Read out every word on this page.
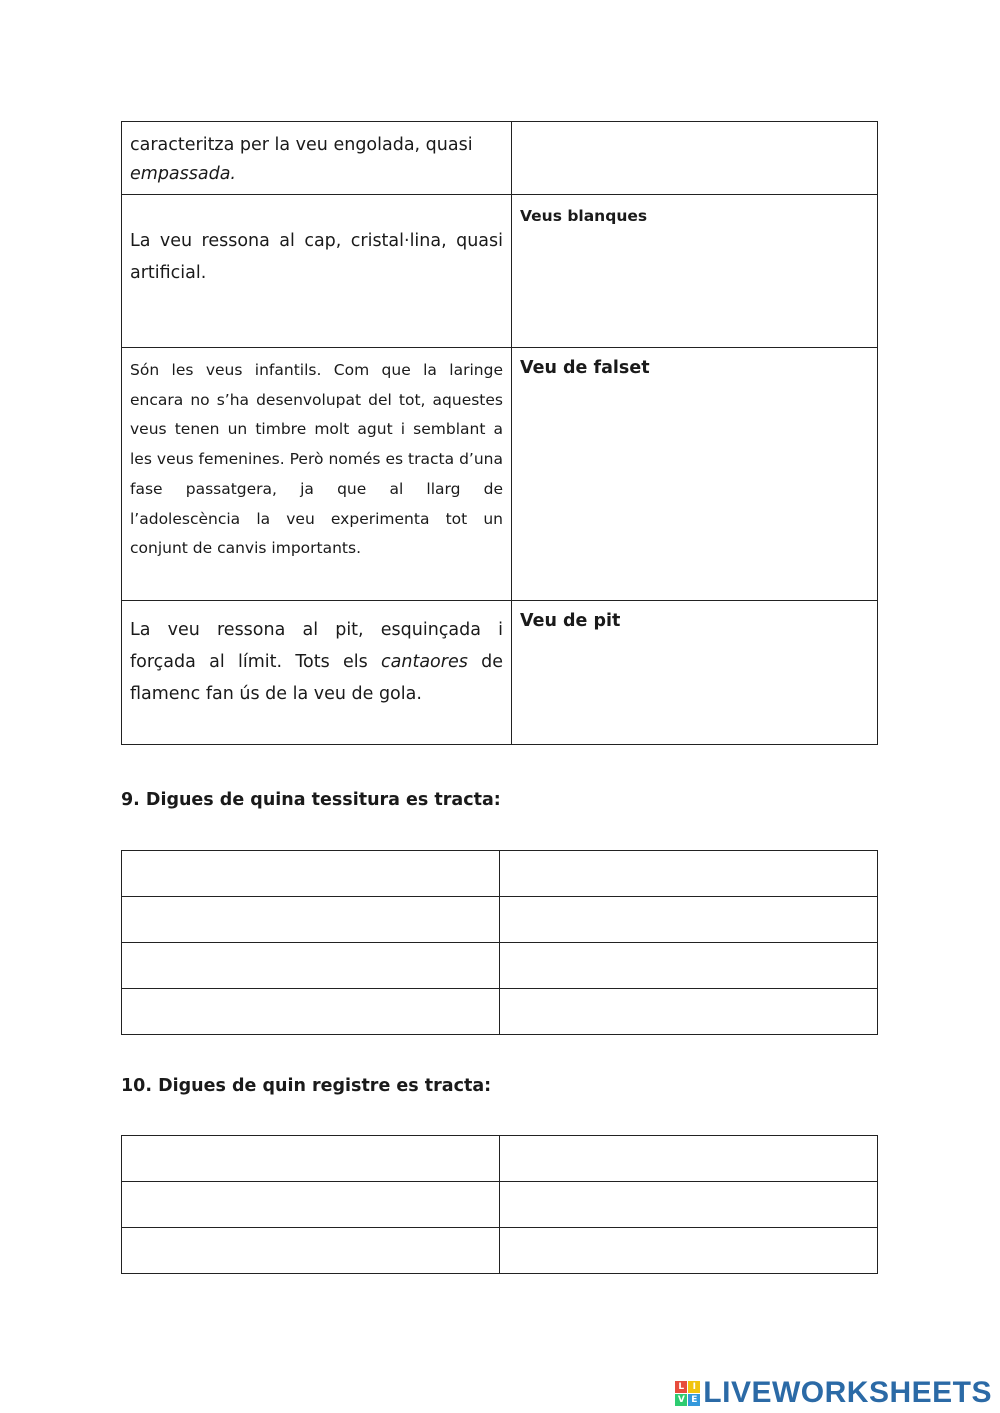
caracteritza per la veu engolada, quasi
empassada.	

La veu ressona al cap, cristal·lina, quasi artificial.	Veus blanques

Són les veus infantils. Com que la laringe encara no s’ha desenvolupat del tot, aquestes veus tenen un timbre molt agut i semblant a les veus femenines. Però només es tracta d’una fase passatgera, ja que al llarg de l’adolescència la veu experimenta tot un conjunt de canvis importants.	Veu de falset

La veu ressona al pit, esquinçada i forçada al límit. Tots els cantaores de flamenc fan ús de la veu de gola.	Veu de pit
9. Digues de quina tessitura es tracta:

10. Digues de quin registre es tracta:

L I
V E LIVEWORKSHEETS
